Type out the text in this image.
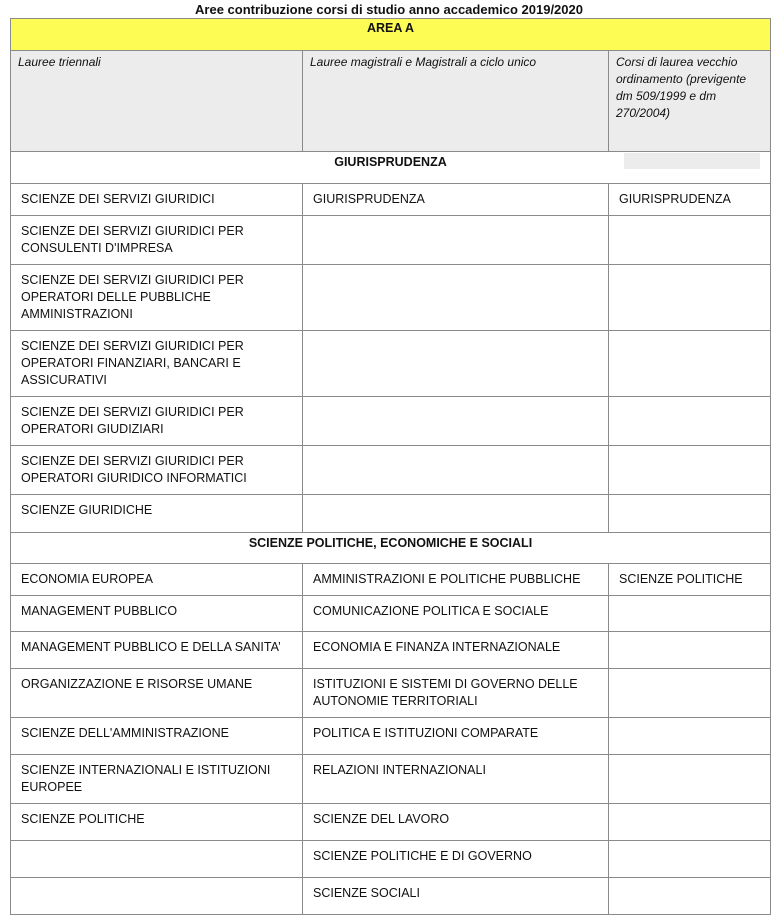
Aree contribuzione corsi di studio anno accademico 2019/2020
AREA A		
Lauree triennali	Lauree magistrali e Magistrali a ciclo unico	Corsi di laurea vecchio ordinamento (previgente dm 509/1999 e dm 270/2004)
GIURISPRUDENZA		

SCIENZE DEI SERVIZI GIURIDICI	GIURISPRUDENZA	GIURISPRUDENZA
SCIENZE DEI SERVIZI GIURIDICI PER CONSULENTI D'IMPRESA		
SCIENZE DEI SERVIZI GIURIDICI PER OPERATORI DELLE PUBBLICHE AMMINISTRAZIONI		
SCIENZE DEI SERVIZI GIURIDICI PER OPERATORI FINANZIARI, BANCARI E ASSICURATIVI		
SCIENZE DEI SERVIZI GIURIDICI PER OPERATORI GIUDIZIARI		
SCIENZE DEI SERVIZI GIURIDICI PER OPERATORI GIURIDICO INFORMATICI		
SCIENZE GIURIDICHE		
SCIENZE POLITICHE, ECONOMICHE E SOCIALI		
ECONOMIA EUROPEA	AMMINISTRAZIONI E POLITICHE PUBBLICHE	SCIENZE POLITICHE
MANAGEMENT PUBBLICO	COMUNICAZIONE POLITICA E SOCIALE	
MANAGEMENT PUBBLICO E DELLA SANITA’	ECONOMIA E FINANZA INTERNAZIONALE	
ORGANIZZAZIONE E RISORSE UMANE	ISTITUZIONI E SISTEMI DI GOVERNO DELLE AUTONOMIE TERRITORIALI	
SCIENZE DELL'AMMINISTRAZIONE	POLITICA E ISTITUZIONI COMPARATE	
SCIENZE INTERNAZIONALI E ISTITUZIONI EUROPEE	RELAZIONI INTERNAZIONALI	
SCIENZE POLITICHE	SCIENZE DEL LAVORO	
	SCIENZE POLITICHE E DI GOVERNO	
	SCIENZE SOCIALI	
